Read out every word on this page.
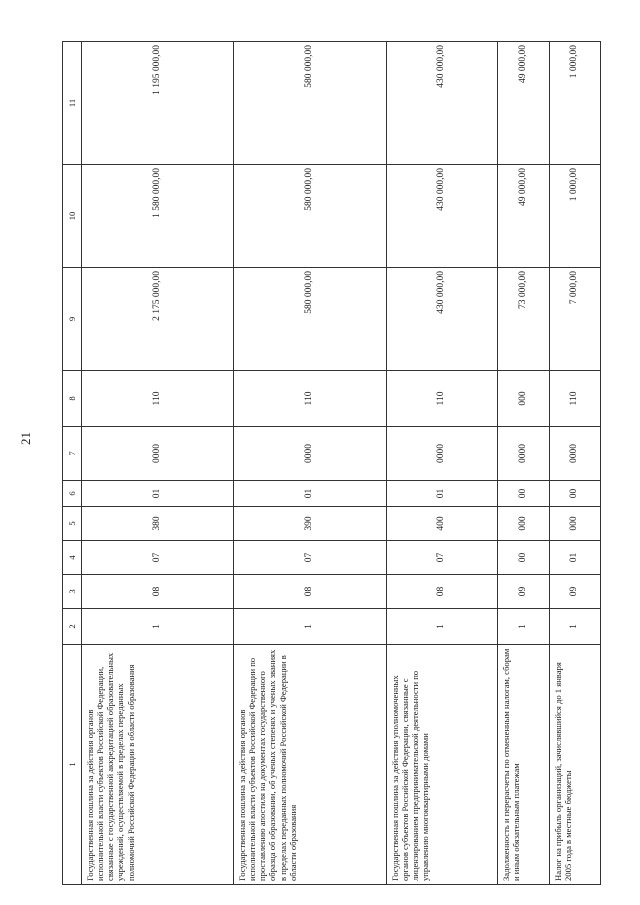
21
1	2	3	4	5	6	7	8	9	10	11
Государственная пошлина за действия органов исполнительной власти субъектов Российской Федерации, связанные с государственной аккредитацией образовательных учреждений, осуществляемой в пределах переданных полномочий Российской Федерации в области образования	1	08	07	380	01	0000	110	2 175 000,00	1 580 000,00	1 195 000,00
Государственная пошлина за действия органов исполнительной власти субъектов Российской Федерации по проставлению апостиля на документах государственного образца об образовании, об ученых степенях и ученых званиях в пределах переданных полномочий Российской Федерации в области образования	1	08	07	390	01	0000	110	580 000,00	580 000,00	580 000,00
Государственная пошлина за действия уполномоченных органов субъектов Российской Федерации, связанные с лицензированием предпринимательской деятельности по управлению многоквартирными домами	1	08	07	400	01	0000	110	430 000,00	430 000,00	430 000,00
Задолженность и перерасчеты по отмененным налогам, сборам и иным обязательным платежам	1	09	00	000	00	0000	000	73 000,00	49 000,00	49 000,00
Налог на прибыль организаций, зачислявшийся до 1 января 2005 года в местные бюджеты	1	09	01	000	00	0000	110	7 000,00	1 000,00	1 000,00
